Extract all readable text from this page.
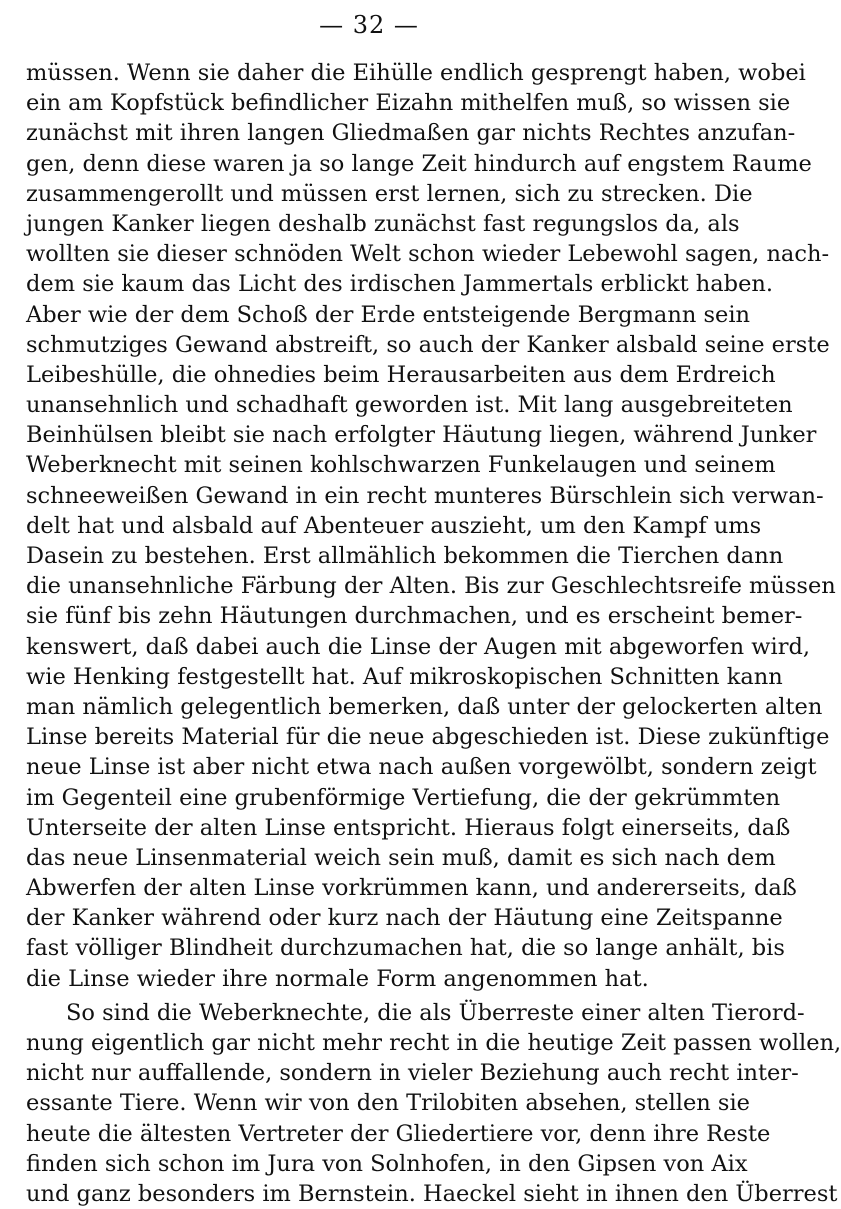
— 32 —
müssen. Wenn sie daher die Eihülle endlich gesprengt haben, wobei
ein am Kopfstück befindlicher Eizahn mithelfen muß, so wissen sie
zunächst mit ihren langen Gliedmaßen gar nichts Rechtes anzufan-
gen, denn diese waren ja so lange Zeit hindurch auf engstem Raume
zusammengerollt und müssen erst lernen, sich zu strecken. Die
jungen Kanker liegen deshalb zunächst fast regungslos da, als
wollten sie dieser schnöden Welt schon wieder Lebewohl sagen, nach-
dem sie kaum das Licht des irdischen Jammertals erblickt haben.
Aber wie der dem Schoß der Erde entsteigende Bergmann sein
schmutziges Gewand abstreift, so auch der Kanker alsbald seine erste
Leibeshülle, die ohnedies beim Herausarbeiten aus dem Erdreich
unansehnlich und schadhaft geworden ist. Mit lang ausgebreiteten
Beinhülsen bleibt sie nach erfolgter Häutung liegen, während Junker
Weberknecht mit seinen kohlschwarzen Funkelaugen und seinem
schneeweißen Gewand in ein recht munteres Bürschlein sich verwan-
delt hat und alsbald auf Abenteuer auszieht, um den Kampf ums
Dasein zu bestehen. Erst allmählich bekommen die Tierchen dann
die unansehnliche Färbung der Alten. Bis zur Geschlechtsreife müssen
sie fünf bis zehn Häutungen durchmachen, und es erscheint bemer-
kenswert, daß dabei auch die Linse der Augen mit abgeworfen wird,
wie Henking festgestellt hat. Auf mikroskopischen Schnitten kann
man nämlich gelegentlich bemerken, daß unter der gelockerten alten
Linse bereits Material für die neue abgeschieden ist. Diese zukünftige
neue Linse ist aber nicht etwa nach außen vorgewölbt, sondern zeigt
im Gegenteil eine grubenförmige Vertiefung, die der gekrümmten
Unterseite der alten Linse entspricht. Hieraus folgt einerseits, daß
das neue Linsenmaterial weich sein muß, damit es sich nach dem
Abwerfen der alten Linse vorkrümmen kann, und andererseits, daß
der Kanker während oder kurz nach der Häutung eine Zeitspanne
fast völliger Blindheit durchzumachen hat, die so lange anhält, bis
die Linse wieder ihre normale Form angenommen hat.
So sind die Weberknechte, die als Überreste einer alten Tierord-
nung eigentlich gar nicht mehr recht in die heutige Zeit passen wollen,
nicht nur auffallende, sondern in vieler Beziehung auch recht inter-
essante Tiere. Wenn wir von den Trilobiten absehen, stellen sie
heute die ältesten Vertreter der Gliedertiere vor, denn ihre Reste
finden sich schon im Jura von Solnhofen, in den Gipsen von Aix
und ganz besonders im Bernstein. Haeckel sieht in ihnen den Überrest
